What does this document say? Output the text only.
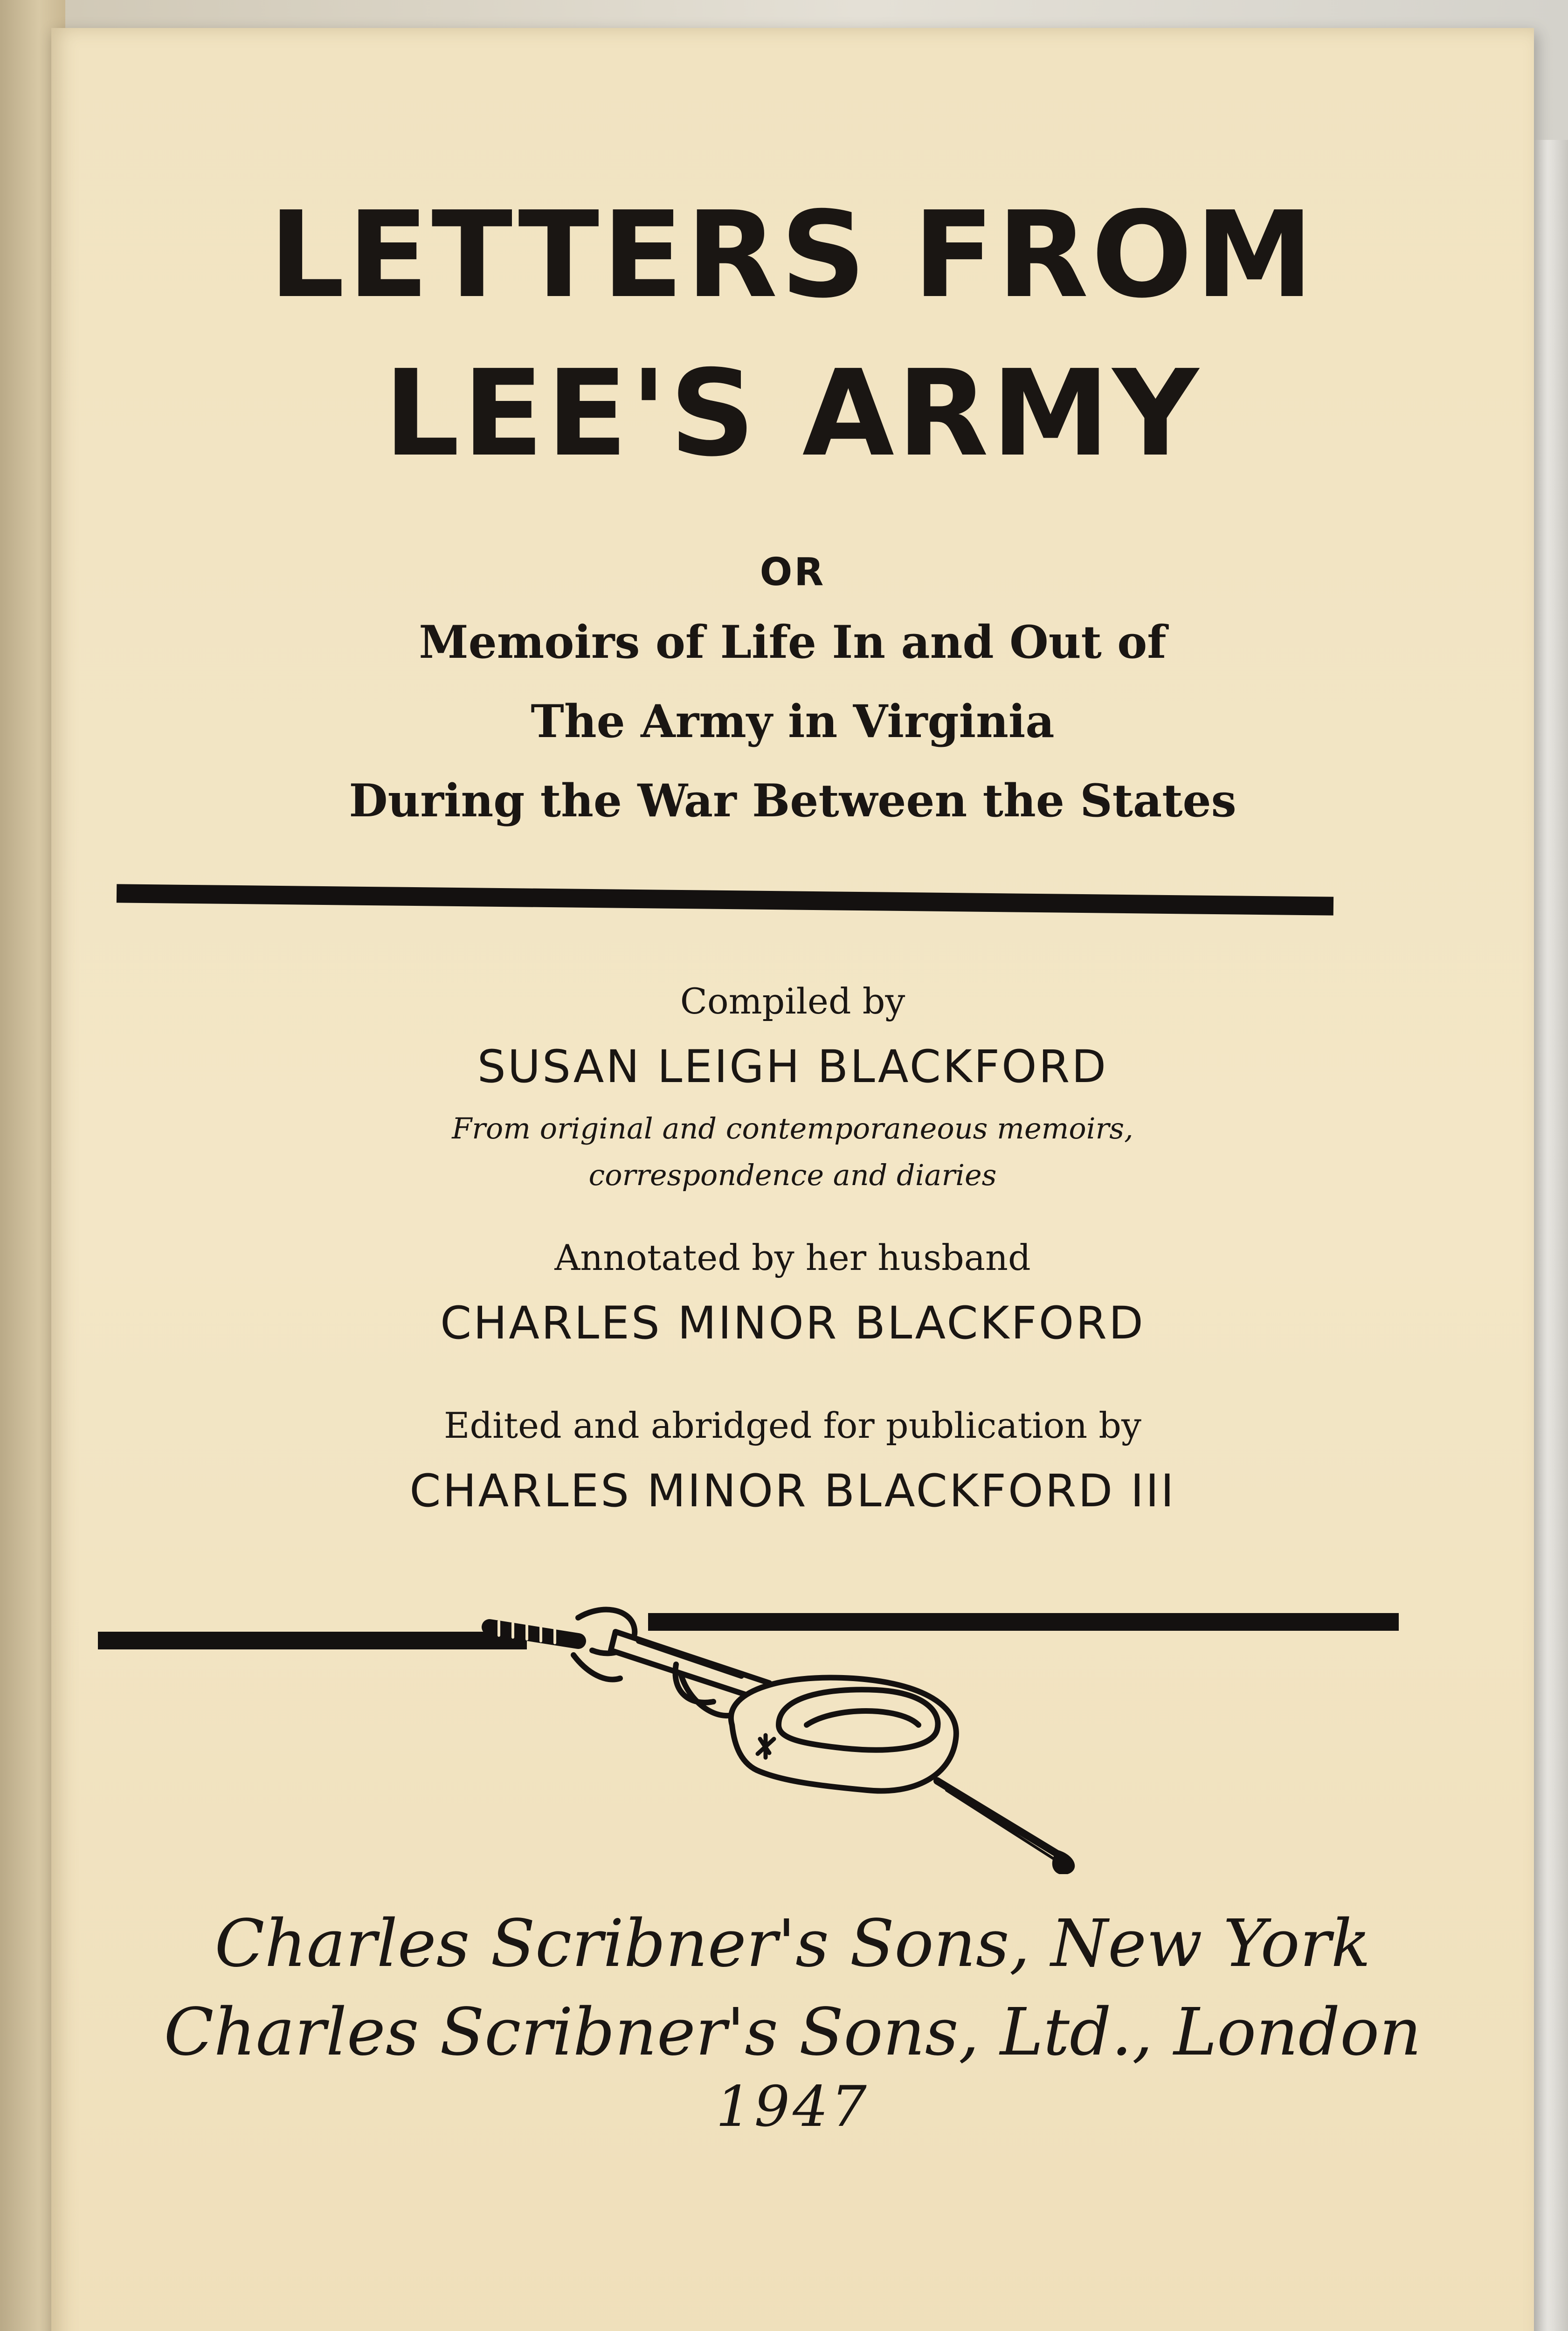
LETTERS FROM
LEE'S ARMY
OR
Memoirs of Life In and Out of
The Army in Virginia
During the War Between the States
Compiled by
SUSAN LEIGH BLACKFORD
From original and contemporaneous memoirs,
correspondence and diaries
Annotated by her husband
CHARLES MINOR BLACKFORD
Edited and abridged for publication by
CHARLES MINOR BLACKFORD III
Charles Scribner's Sons, New York
Charles Scribner's Sons, Ltd., London
1947
